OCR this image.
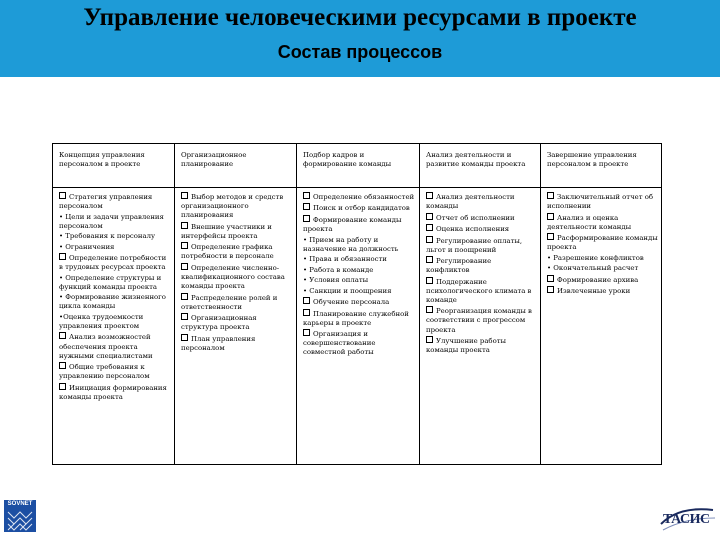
Управление человеческими ресурсами в проекте
Состав процессов
Концепция управления персоналом в проекте
Организационное планирование
Подбор кадров и формирование команды
Анализ деятельности и развитие команды проекта
Завершение управления персоналом в проекте
Стратегия управления персоналом
• Цели и задачи управления персоналом
• Требования к персоналу
• Ограничения
Определение потребности в трудовых ресурсах проекта
• Определение структуры и функций команды проекта
• Формирование жизненного цикла команды
•Оценка трудоемкости управления проектом
Анализ возможностей обеспечения проекта нужными специалистами
Общие требования к управлению персоналом
Инициация формирования команды проекта
Выбор методов и средств организационного планирования
Внешние участники и интерфейсы проекта
Определение графика потребности в персонале
Определение численно-квалификационного состава команды проекта
Распределение ролей и ответственности
Организационная структура проекта
План управления персоналом
Определение обязанностей
Поиск и отбор кандидатов
Формирование команды проекта
• Прием на работу и назначение на должность
• Права и обязанности
• Работа в команде
• Условия оплаты
• Санкции и поощрения
Обучение персонала
Планирование служебной карьеры в проекте
Организация и совершенствование совместной работы
Анализ деятельности команды
Отчет об исполнении
Оценка исполнения
Регулирование оплаты, льгот и поощрений
Регулирование конфликтов
Поддержание психологического климата в команде
Реорганизация команды в соответствии с прогрессом проекта
Улучшение работы команды проекта
Заключительный отчет об исполнении
Анализ и оценка деятельности команды
Расформирование команды проекта
• Разрешение конфликтов
• Окончательный расчет
Формирование архива
Извлеченные уроки
SOVNET
ТАСИС
